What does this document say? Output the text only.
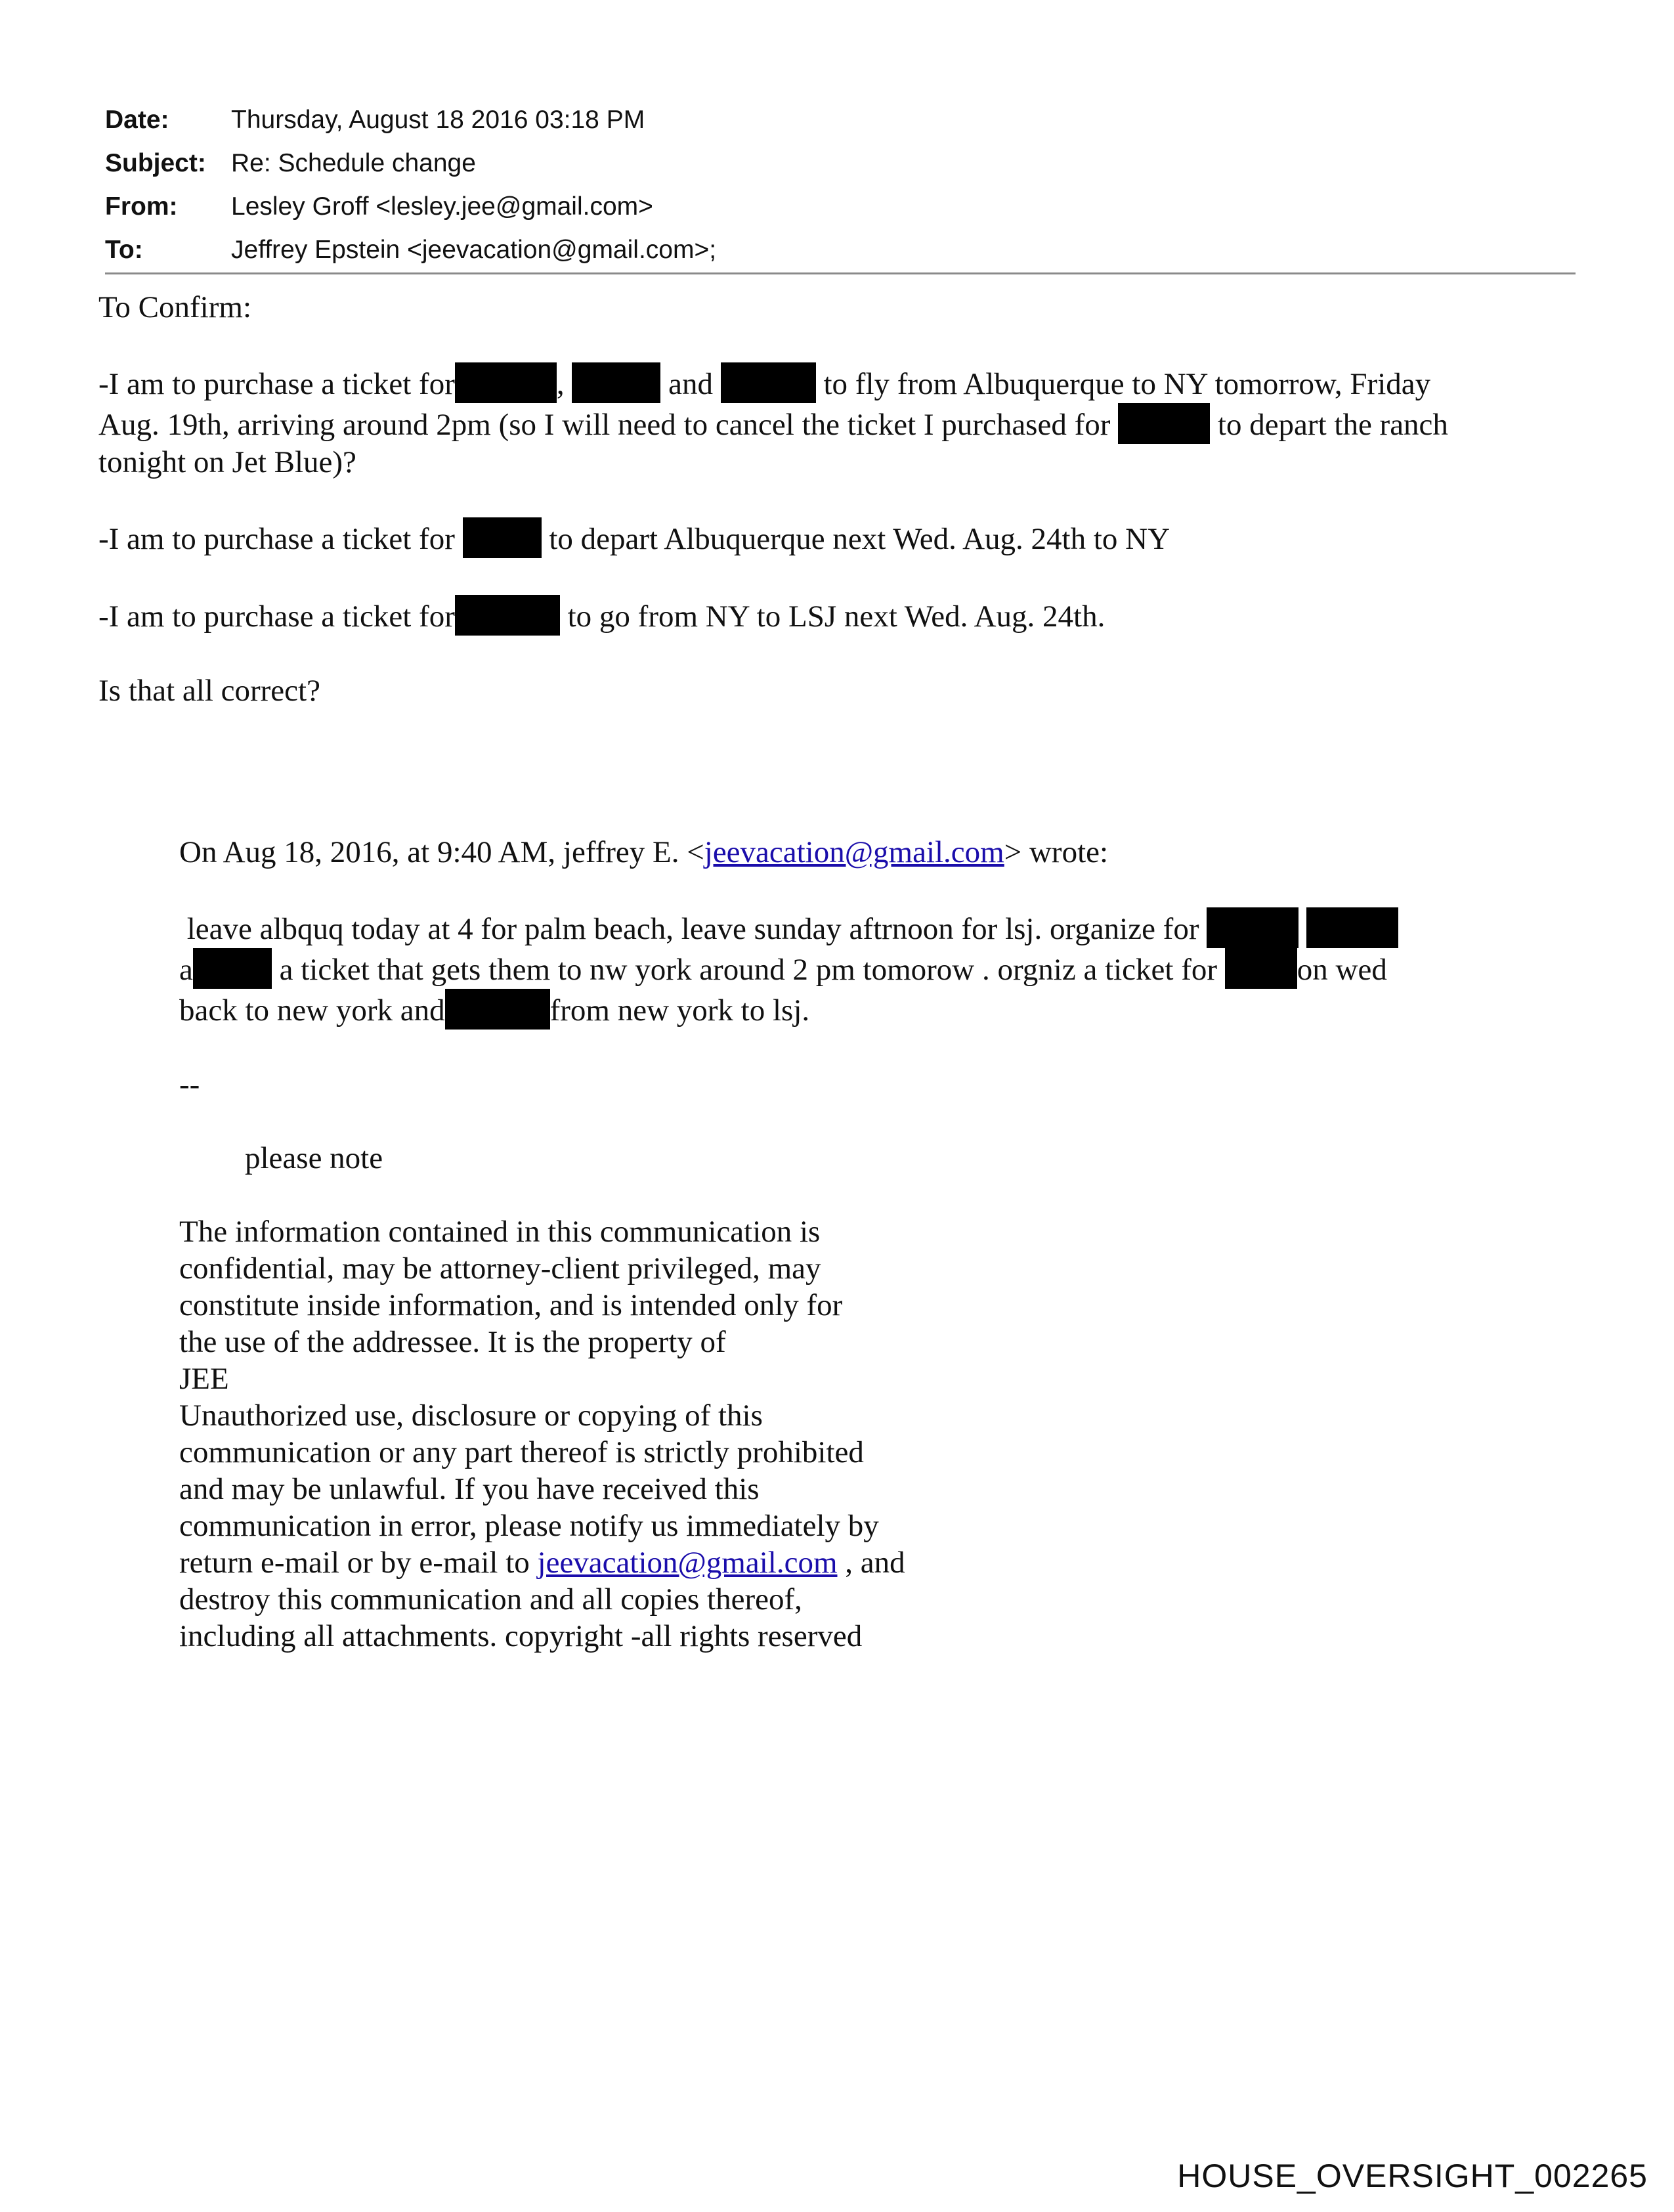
Date:	Thursday, August 18 2016 03:18 PM
Subject: Re: Schedule change
From:	Lesley Groff <lesley.jee@gmail.com>
To:	Jeffrey Epstein <jeevacation@gmail.com>;

To Confirm:

-I am to purchase a ticket for	,	and	to fly from Albuquerque to NY tomorrow, Friday
Aug. 19th, arriving around 2pm (so I will need to cancel the ticket I purchased for	to depart the ranch
tonight on Jet Blue)?

-I am to purchase a ticket for	to depart Albuquerque next Wed. Aug. 24th to NY

-I am to purchase a ticket for	to go from NY to LSJ next Wed. Aug. 24th.

Is that all correct?

On Aug 18, 2016, at 9:40 AM, jeffrey E. <jeevacation@gmail.com> wrote:

leave albquq today at 4 for palm beach, leave sunday aftrnoon for lsj. organize for
a	a ticket that gets them to nw york around 2 pm tomorow . orgniz a ticket for	on wed
back to new york and	from new york to lsj.

--

please note

The information contained in this communication is
confidential, may be attorney-client privileged, may
constitute inside information, and is intended only for
the use of the addressee. It is the property of
JEE
Unauthorized use, disclosure or copying of this
communication or any part thereof is strictly prohibited
and may be unlawful. If you have received this
communication in error, please notify us immediately by
return e-mail or by e-mail to jeevacation@gmail.com , and
destroy this communication and all copies thereof,
including all attachments. copyright -all rights reserved

HOUSE_OVERSIGHT_002265
